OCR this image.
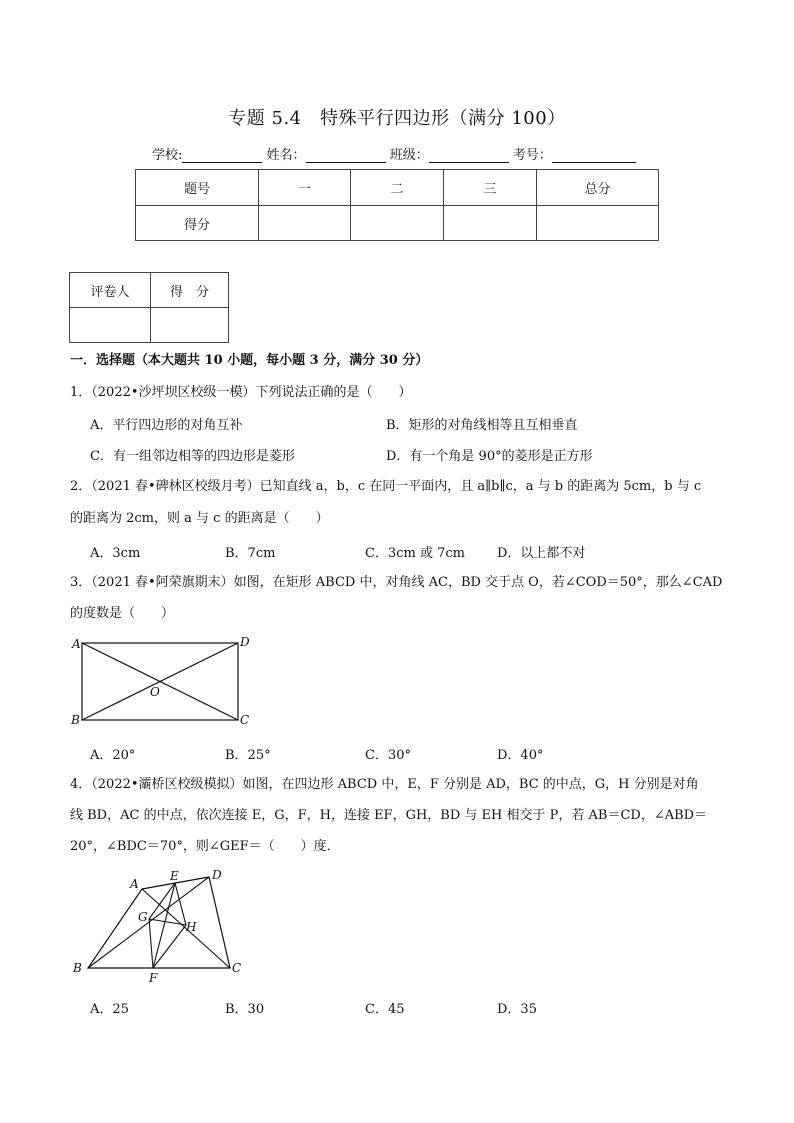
专题 5.4　特殊平行四边形（满分 100）
学校:	姓名：	班级：	考号：
题号	一	二	三	总分
得分				
评卷人	得　分

一．选择题（本大题共 10 小题，每小题 3 分，满分 30 分）
1．（2022•沙坪坝区校级一模）下列说法正确的是（　　）
A．平行四边形的对角互补	B．矩形的对角线相等且互相垂直
C．有一组邻边相等的四边形是菱形	D．有一个角是 90°的菱形是正方形
2．（2021 春•碑林区校级月考）已知直线 a，b，c 在同一平面内，且 a∥b∥c，a 与 b 的距离为 5cm，b 与 c
的距离为 2cm，则 a 与 c 的距离是（　　）
A．3cm	B．7cm	C．3cm 或 7cm D．以上都不对
3．（2021 春•阿荣旗期末）如图，在矩形 ABCD 中，对角线 AC，BD 交于点 O，若∠COD＝50°，那么∠CAD
的度数是（　　）
A	D
O
B	C
A．20°	B．25°	C．30°	D．40°
4．（2022•灞桥区校级模拟）如图，在四边形 ABCD 中，E，F 分别是 AD，BC 的中点，G，H 分别是对角
线 BD，AC 的中点，依次连接 E，G，F，H，连接 EF，GH，BD 与 EH 相交于 P，若 AB＝CD，∠ABD＝
20°，∠BDC＝70°，则∠GEF＝（　　）度．
A
E	D
G
H
B
F
C
A．25	B．30	C．45	D．35
